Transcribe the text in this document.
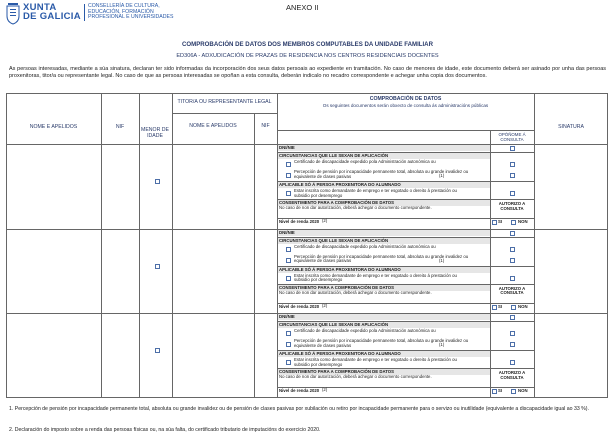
XUNTA
DE GALICIA
CONSELLERÍA DE CULTURA,
EDUCACIÓN, FORMACIÓN
PROFESIONAL E UNIVERSIDADES
ANEXO II
COMPROBACIÓN DE DATOS DOS MEMBROS COMPUTABLES DA UNIDADE FAMILIAR
ED306A - ADXUDICACIÓN DE PRAZAS DE RESIDENCIA NOS CENTROS RESIDENCIAIS DOCENTES
As persoas interesadas, mediante a súa sinatura, declaran ter sido informadas da incorporación dos seus datos persoais ao expediente en tramitación. No caso de menores de idade, este documento deberá ser asinado por unha das persoas proxenitoras, titor/a ou representante legal. No caso de que as persoas interesadas se opoñan a esta consulta, deberán indicalo no recadro correspondente e achegar unha copia dos documentos.
NOME E APELIDOS	NIF	MENOR DE IDADE
TITOR/A OU REPRESENTANTE LEGAL
NOME E APELIDOS	NIF
COMPROBACIÓN DE DATOS
Os seguintes documentos serán obxecto de consulta ás administracións públicas
OPÓÑOME Á CONSULTA
SINATURA
DNI/NIE
CIRCUNSTANCIAS QUE LLE SEXAN DE APLICACIÓN
Certificado de discapacidade expedido pola Administración autonómica ou
Percepción de pensión por incapacidade permanente total, absoluta ou grande invalidez ou equivalente de clases pasivas	(1)
APLICABLE SÓ Á PERSOA PROXENITORA DO ALUMNADO
Estar inscrita como demandante de emprego e ter esgotado o dereito á prestación ou subsidio por desemprego
CONSENTIMENTO PARA A COMPROBACIÓN DE DATOS
No caso de non dar autorización, deberá achegar o documento correspondente.
AUTORIZO A CONSULTA
Nivel de renda 2020 (2)	SI	NON
DNI/NIE
CIRCUNSTANCIAS QUE LLE SEXAN DE APLICACIÓN
Certificado de discapacidade expedido pola Administración autonómica ou
Percepción de pensión por incapacidade permanente total, absoluta ou grande invalidez ou equivalente de clases pasivas	(1)
APLICABLE SÓ Á PERSOA PROXENITORA DO ALUMNADO
Estar inscrita como demandante de emprego e ter esgotado o dereito á prestación ou subsidio por desemprego
CONSENTIMENTO PARA A COMPROBACIÓN DE DATOS
No caso de non dar autorización, deberá achegar o documento correspondente.
AUTORIZO A CONSULTA
Nivel de renda 2020 (2)	SI	NON
DNI/NIE
CIRCUNSTANCIAS QUE LLE SEXAN DE APLICACIÓN
Certificado de discapacidade expedido pola Administración autonómica ou
Percepción de pensión por incapacidade permanente total, absoluta ou grande invalidez ou equivalente de clases pasivas	(1)
APLICABLE SÓ Á PERSOA PROXENITORA DO ALUMNADO
Estar inscrita como demandante de emprego e ter esgotado o dereito á prestación ou subsidio por desemprego
CONSENTIMENTO PARA A COMPROBACIÓN DE DATOS
No caso de non dar autorización, deberá achegar o documento correspondente.
AUTORIZO A CONSULTA
Nivel de renda 2020 (2)	SI	NON
1. Percepción de pensión por incapacidade permanente total, absoluta ou grande invalidez ou de pensión de clases pasivas por xubilación ou retiro por incapacidade permanente para o servizo ou inutilidade (equivalente a discapacidade igual ao 33 %).
2. Declaración do imposto sobre a renda das persoas físicas ou, na súa falta, do certificado tributario de imputacións do exercicio 2020.
